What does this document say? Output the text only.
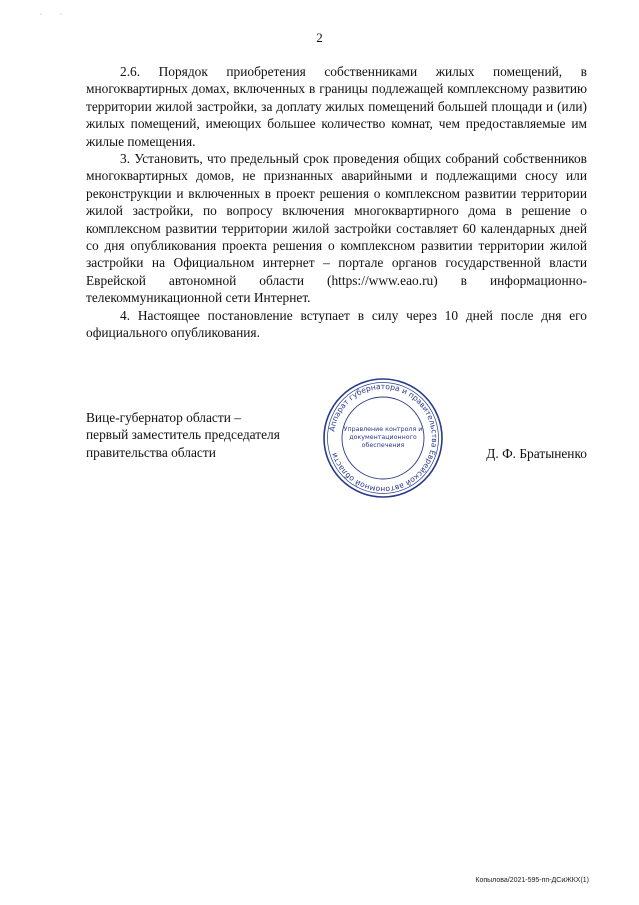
·            ·
2

2.6. Порядок приобретения собственниками жилых помещений, в многоквартирных домах, включенных в границы подлежащей комплексному развитию территории жилой застройки, за доплату жилых помещений большей площади и (или) жилых помещений, имеющих большее количество комнат, чем предоставляемые им жилые помещения.

3. Установить, что предельный срок проведения общих собраний собственников многоквартирных домов, не признанных аварийными и подлежащими сносу или реконструкции и включенных в проект решения о комплексном развитии территории жилой застройки, по вопросу включения многоквартирного дома в решение о комплексном развитии территории жилой застройки составляет 60 календарных дней со дня опубликования проекта решения о комплексном развитии территории жилой застройки на Официальном интернет – портале органов государственной власти Еврейской автономной области (https://www.eao.ru) в информационно-телекоммуникационной сети Интернет.

4. Настоящее постановление вступает в силу через 10 дней после дня его официального опубликования.

Вице-губернатор области –
первый заместитель председателя
правительства области	Д. Ф. Братыненко
Аппарат губернатора и правительства Еврейской автономной области
Управление контроля и
документационного
обеспечения
Копылова/2021-595-пп-ДСиЖКХ(1)
